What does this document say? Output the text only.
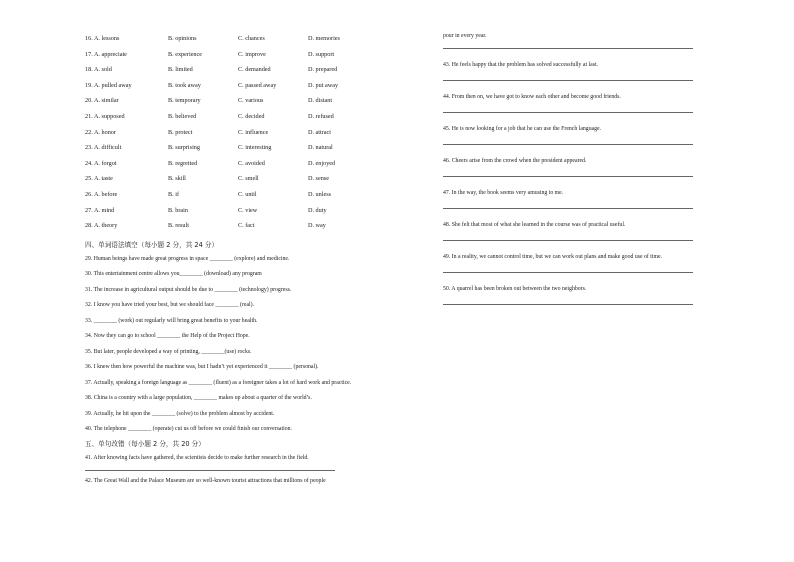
16. A. lessons	B. opinions	C. chances	D. memories
17. A. appreciate	B. experience	C. improve	D. support
18. A. sold	B. limited	C. demanded	D. prepared
19. A. pulled away	B. took away	C. passed away	D. put away
20. A. similar	B. temporary	C. various	D. distant
21. A. supposed	B. believed	C. decided	D. refused
22. A. honor	B. protect	C. influence	D. attract
23. A. difficult	B. surprising	C. interesting	D. natural
24. A. forgot	B. regretted	C. avoided	D. enjoyed
25. A. taste	B. skill	C. smell	D. sense
26. A. before	B. if	C. until	D. unless
27. A. mind	B. brain	C. view	D. duty
28. A. theory	B. result	C. fact	D. way
四、单词语法填空（每小题 2 分，共 24 分）
29. Human beings have made great progress in space ________ (explore) and medicine.
30. This entertainment centre allows you________ (download) any program
31. The increase in agricultural output should be due to ________ (technology) progress.
32. I know you have tried your best, but we should face ________ (real).
33. ________ (work) out regularly will bring great benefits to your health.
34. Now they can go to school ________ the Help of the Project Hope.
35. But later, people developed a way of printing, ________(use) rocks.
36. I knew then how powerful the machine was, but I hadn’t yet experienced it ________ (personal).
37. Actually, speaking a foreign language as ________ (fluent) as a foreigner takes a lot of hard work and practice.
38. China is a country with a large population, ________ makes up about a quarter of the world’s.
39. Actually, he hit upon the ________ (solve) to the problem almost by accident.
40. The telephone ________ (operate) cut us off before we could finish our conversation.
五、单句改错（每小题 2 分，共 20 分）
41. After knowing facts have gathered, the scientists decide to make further research in the field.
42. The Great Wall and the Palace Museum are so well-known tourist attractions that millions of people
pour in every year.
43. He feels happy that the problem has solved successfully at last.
44. From then on, we have got to know each other and become good friends.
45. He is now looking for a job that he can use the French language.
46. Cheers arise from the crowd when the president appeared.
47. In the way, the book seems very amusing to me.
48. She felt that most of what she learned in the course was of practical useful.
49. In a reality, we cannot control time, but we can work out plans and make good use of time.
50. A quarrel has been broken out between the two neighbors.
